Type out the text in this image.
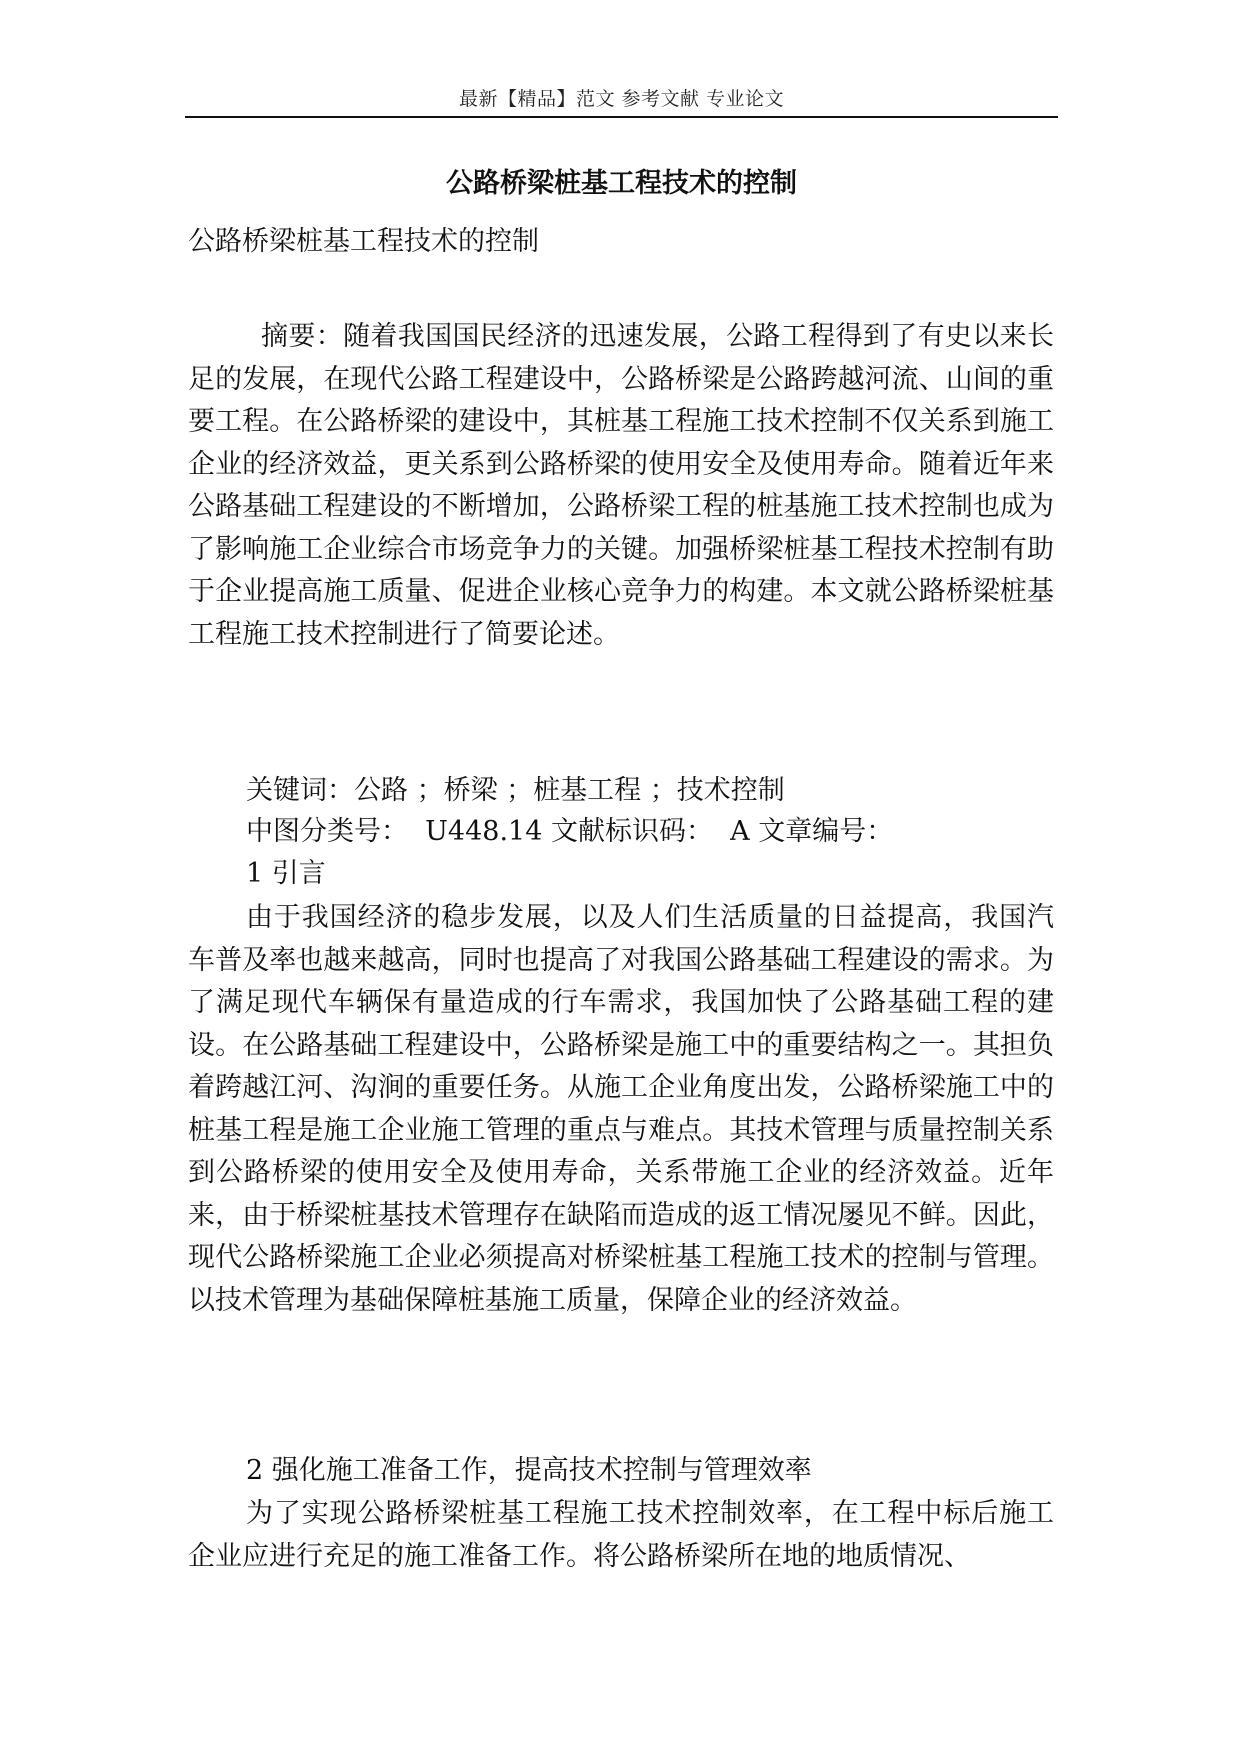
最新【精品】范文 参考文献 专业论文
公路桥梁桩基工程技术的控制

公路桥梁桩基工程技术的控制

摘要：随着我国国民经济的迅速发展，公路工程得到了有史以来长足的发展，在现代公路工程建设中，公路桥梁是公路跨越河流、山间的重要工程。在公路桥梁的建设中，其桩基工程施工技术控制不仅关系到施工企业的经济效益，更关系到公路桥梁的使用安全及使用寿命。随着近年来公路基础工程建设的不断增加，公路桥梁工程的桩基施工技术控制也成为了影响施工企业综合市场竞争力的关键。加强桥梁桩基工程技术控制有助于企业提高施工质量、促进企业核心竞争力的构建。本文就公路桥梁桩基工程施工技术控制进行了简要论述。

关键词：公路 ；桥梁 ；桩基工程 ；技术控制
中图分类号：  U448.14 文献标识码：  A 文章编号：
1 引言

由于我国经济的稳步发展，以及人们生活质量的日益提高，我国汽车普及率也越来越高，同时也提高了对我国公路基础工程建设的需求。为了满足现代车辆保有量造成的行车需求，我国加快了公路基础工程的建设。在公路基础工程建设中，公路桥梁是施工中的重要结构之一。其担负着跨越江河、沟涧的重要任务。从施工企业角度出发，公路桥梁施工中的桩基工程是施工企业施工管理的重点与难点。其技术管理与质量控制关系到公路桥梁的使用安全及使用寿命，关系带施工企业的经济效益。近年来，由于桥梁桩基技术管理存在缺陷而造成的返工情况屡见不鲜。因此，现代公路桥梁施工企业必须提高对桥梁桩基工程施工技术的控制与管理。以技术管理为基础保障桩基施工质量，保障企业的经济效益。

2 强化施工准备工作，提高技术控制与管理效率

为了实现公路桥梁桩基工程施工技术控制效率，在工程中标后施工企业应进行充足的施工准备工作。将公路桥梁所在地的地质情况、
